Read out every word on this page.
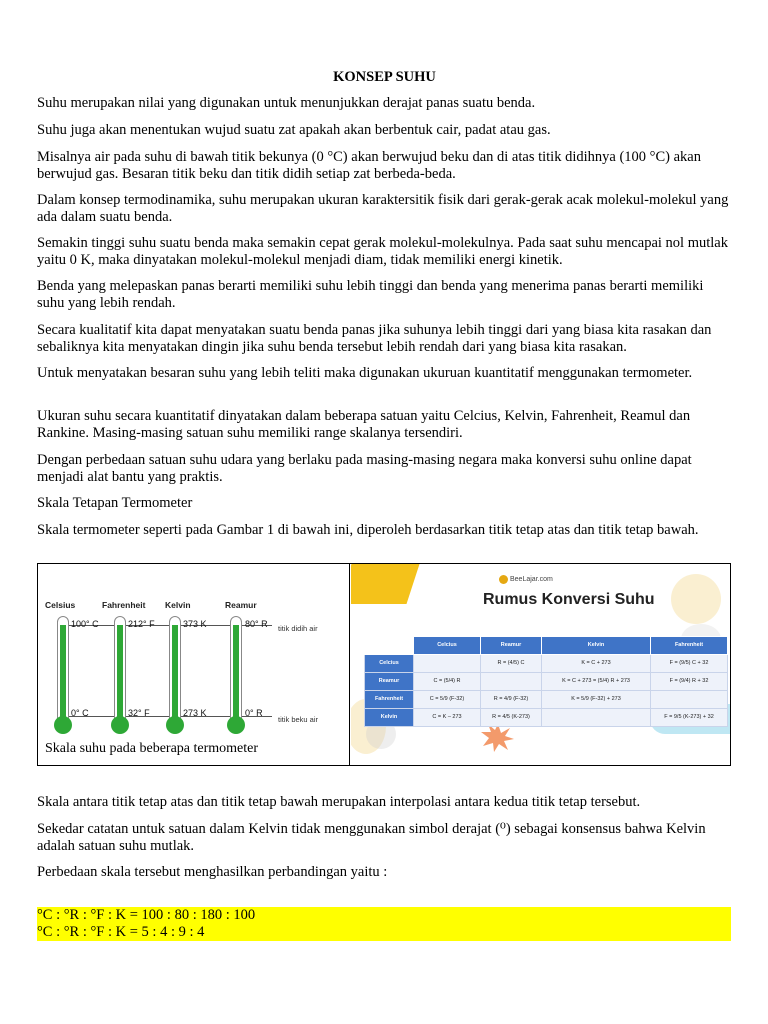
KONSEP SUHU

Suhu merupakan nilai yang digunakan untuk menunjukkan derajat panas suatu benda.

Suhu juga akan menentukan wujud suatu zat apakah akan berbentuk cair, padat atau gas.

Misalnya air pada suhu di bawah titik bekunya (0 °C) akan berwujud beku dan di atas titik didihnya (100 °C) akan berwujud gas. Besaran titik beku dan titik didih setiap zat berbeda-beda.

Dalam konsep termodinamika, suhu merupakan ukuran karaktersitik fisik dari gerak-gerak acak molekul-molekul yang ada dalam suatu benda.

Semakin tinggi suhu suatu benda maka semakin cepat gerak molekul-molekulnya. Pada saat suhu mencapai nol mutlak yaitu 0 K, maka dinyatakan molekul-molekul menjadi diam, tidak memiliki energi kinetik.

Benda yang melepaskan panas berarti memiliki suhu lebih tinggi dan benda yang menerima panas berarti memiliki suhu yang lebih rendah.

Secara kualitatif kita dapat menyatakan suatu benda panas jika suhunya lebih tinggi dari yang biasa kita rasakan dan sebaliknya kita menyatakan dingin jika suhu benda tersebut lebih rendah dari yang biasa kita rasakan.

Untuk menyatakan besaran suhu yang lebih teliti maka digunakan ukuruan kuantitatif menggunakan termometer.

Ukuran suhu secara kuantitatif dinyatakan dalam beberapa satuan yaitu Celcius, Kelvin, Fahrenheit, Reamul dan Rankine. Masing-masing satuan suhu memiliki range skalanya tersendiri.

Dengan perbedaan satuan suhu udara yang berlaku pada masing-masing negara maka konversi suhu online dapat menjadi alat bantu yang praktis.

Skala Tetapan Termometer

Skala termometer seperti pada Gambar 1 di bawah ini, diperoleh berdasarkan titik tetap atas dan titik tetap bawah.

Skala antara titik tetap atas dan titik tetap bawah merupakan interpolasi antara kedua titik tetap tersebut.

Sekedar catatan untuk satuan dalam Kelvin tidak menggunakan simbol derajat (⁰) sebagai konsensus bahwa Kelvin adalah satuan suhu mutlak.

Perbedaan skala tersebut menghasilkan perbandingan yaitu :

Celsius
100° C
0° C
Fahrenheit
212° F
32° F
Kelvin
373 K
273 K
Reamur
80° R
0° R
titik didih air
titik beku air
Skala suhu pada beberapa termometer
BeeLajar.com
Rumus Konversi Suhu
	Celcius	Reamur	Kelvin	Fahrenheit
Celcius		R = (4/5) C	K = C + 273	F = (9/5) C + 32
Reamur	C = (5/4) R		K = C + 273 = (5/4) R + 273	F = (9/4) R + 32
Fahrenheit	C = 5/9 (F-32)	R = 4/9 (F-32)	K = 5/9 (F-32) + 273	
Kelvin	C = K – 273	R = 4/5 (K-273)		F = 9/5 (K-273) + 32
°C : °R : °F : K = 100 : 80 : 180 : 100
°C : °R : °F : K = 5 : 4 : 9 : 4
